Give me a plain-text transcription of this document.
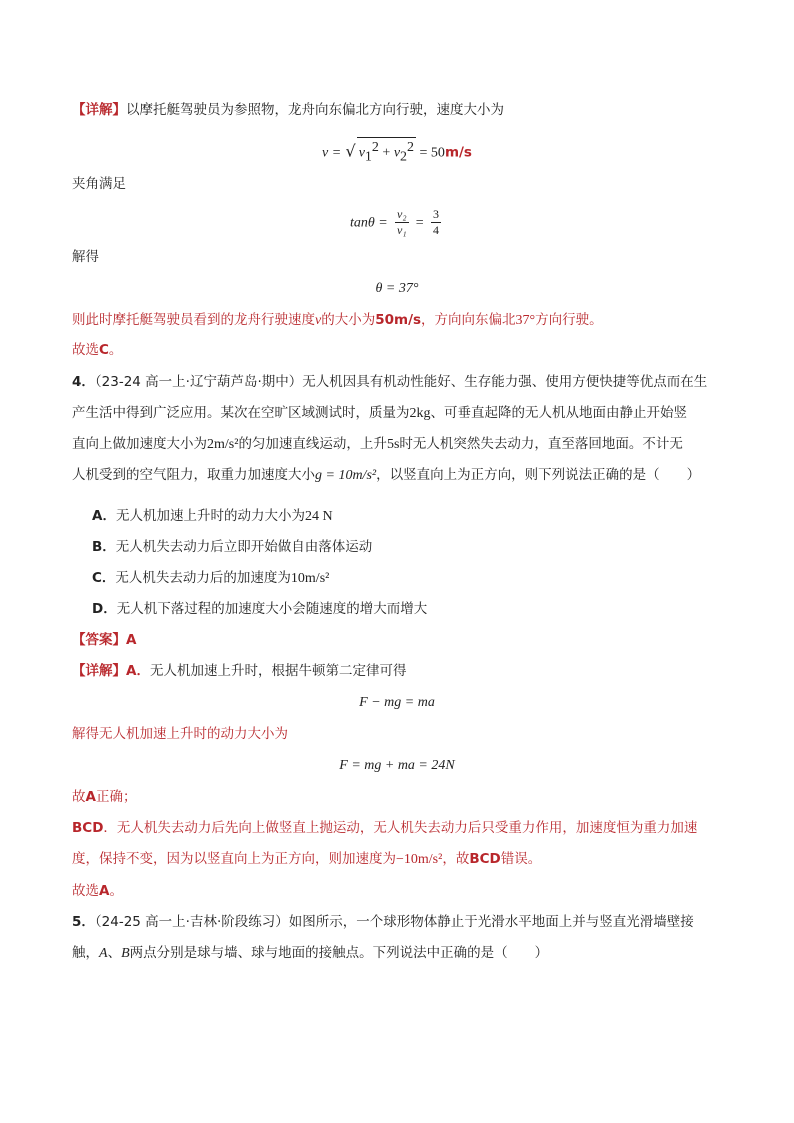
【详解】以摩托艇驾驶员为参照物，龙舟向东偏北方向行驶，速度大小为
v = √ $v_1^2 + v_2^2 = 50m/s$
夹角满足
$\tan\theta = \frac{\text{v₂}}{\text{v₁}} = \frac{3}{4}$
解得
θ = 37°
则此时摩托艇驾驶员看到的龙舟行驶速度v的大小为50m/s，方向向东偏北37°方向行驶。
故选C。
4．（23-24 高一上·辽宁葫芦岛·期中）无人机因具有机动性能好、生存能力强、使用方便快捷等优点而在生
产生活中得到广泛应用。某次在空旷区域测试时，质量为2kg、可垂直起降的无人机从地面由静止开始竖
直向上做加速度大小为2m/s²的匀加速直线运动，上升5s时无人机突然失去动力，直至落回地面。不计无
人机受到的空气阻力，取重力加速度大小g = 10m/s²，以竖直向上为正方向，则下列说法正确的是（　　）
A．无人机加速上升时的动力大小为24 N
B．无人机失去动力后立即开始做自由落体运动
C．无人机失去动力后的加速度为10m/s²
D．无人机下落过程的加速度大小会随速度的增大而增大
【答案】A
【详解】A．无人机加速上升时，根据牛顿第二定律可得
F − mg = ma
解得无人机加速上升时的动力大小为
F = mg + ma = 24N
故A正确；
BCD．无人机失去动力后先向上做竖直上抛运动，无人机失去动力后只受重力作用，加速度恒为重力加速
度，保持不变，因为以竖直向上为正方向，则加速度为−10m/s²，故BCD错误。
故选A。
5．（24-25 高一上·吉林·阶段练习）如图所示，一个球形物体静止于光滑水平地面上并与竖直光滑墙壁接
触，A、B两点分别是球与墙、球与地面的接触点。下列说法中正确的是（　　）
